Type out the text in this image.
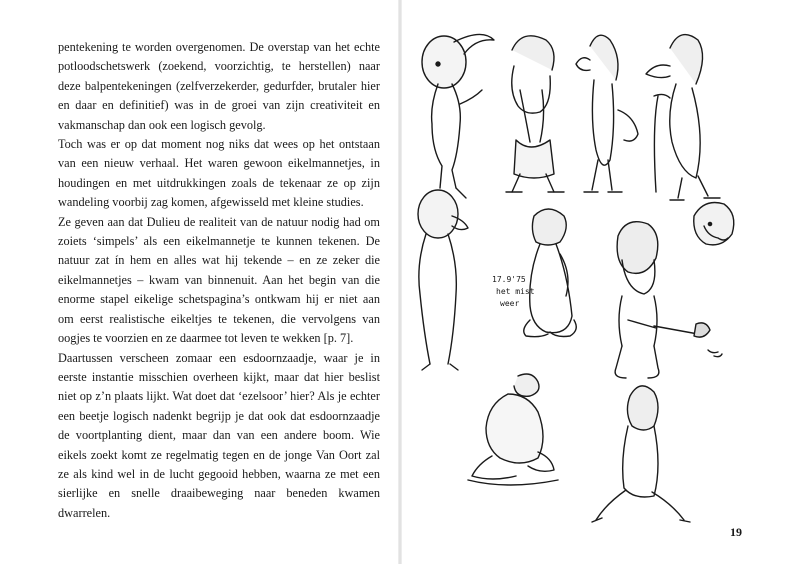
pentekening te worden overgenomen. De overstap van het echte potloodschetswerk (zoekend, voorzichtig, te herstellen) naar deze balpentekeningen (zelfverzekerder, gedurfder, brutaler hier en daar en definitief) was in de groei van zijn creativiteit en vakmanschap dan ook een logisch gevolg.

Toch was er op dat moment nog niks dat wees op het ontstaan van een nieuw verhaal. Het waren gewoon eikelmannetjes, in houdingen en met uitdrukkingen zoals de tekenaar ze op zijn wandeling voorbij zag komen, afgewisseld met kleine studies.

Ze geven aan dat Dulieu de realiteit van de natuur nodig had om zoiets ‘simpels’ als een eikelmannetje te kunnen tekenen. De natuur zat ín hem en alles wat hij tekende – en ze zeker die eikelmannetjes – kwam van binnenuit. Aan het begin van die enorme stapel eikelige schetspagina’s ontkwam hij er niet aan om eerst realistische eikeltjes te tekenen, die vervolgens van oogjes te voorzien en ze daarmee tot leven te wekken [p. 7].

Daartussen verscheen zomaar een esdoornzaadje, waar je in eerste instantie misschien overheen kijkt, maar dat hier beslist niet op z’n plaats lijkt. Wat doet dat ‘ezelsoor’ hier? Als je echter een beetje logisch nadenkt begrijp je dat ook dat esdoornzaadje de voortplanting dient, maar dan van een andere boom. Wie eikels zoekt komt ze regelmatig tegen en de jonge Van Oort zal ze als kind wel in de lucht gegooid hebben, waarna ze met een sierlijke en snelle draaibeweging naar beneden kwamen dwarrelen.

17.9'75
het mist
weer
19
